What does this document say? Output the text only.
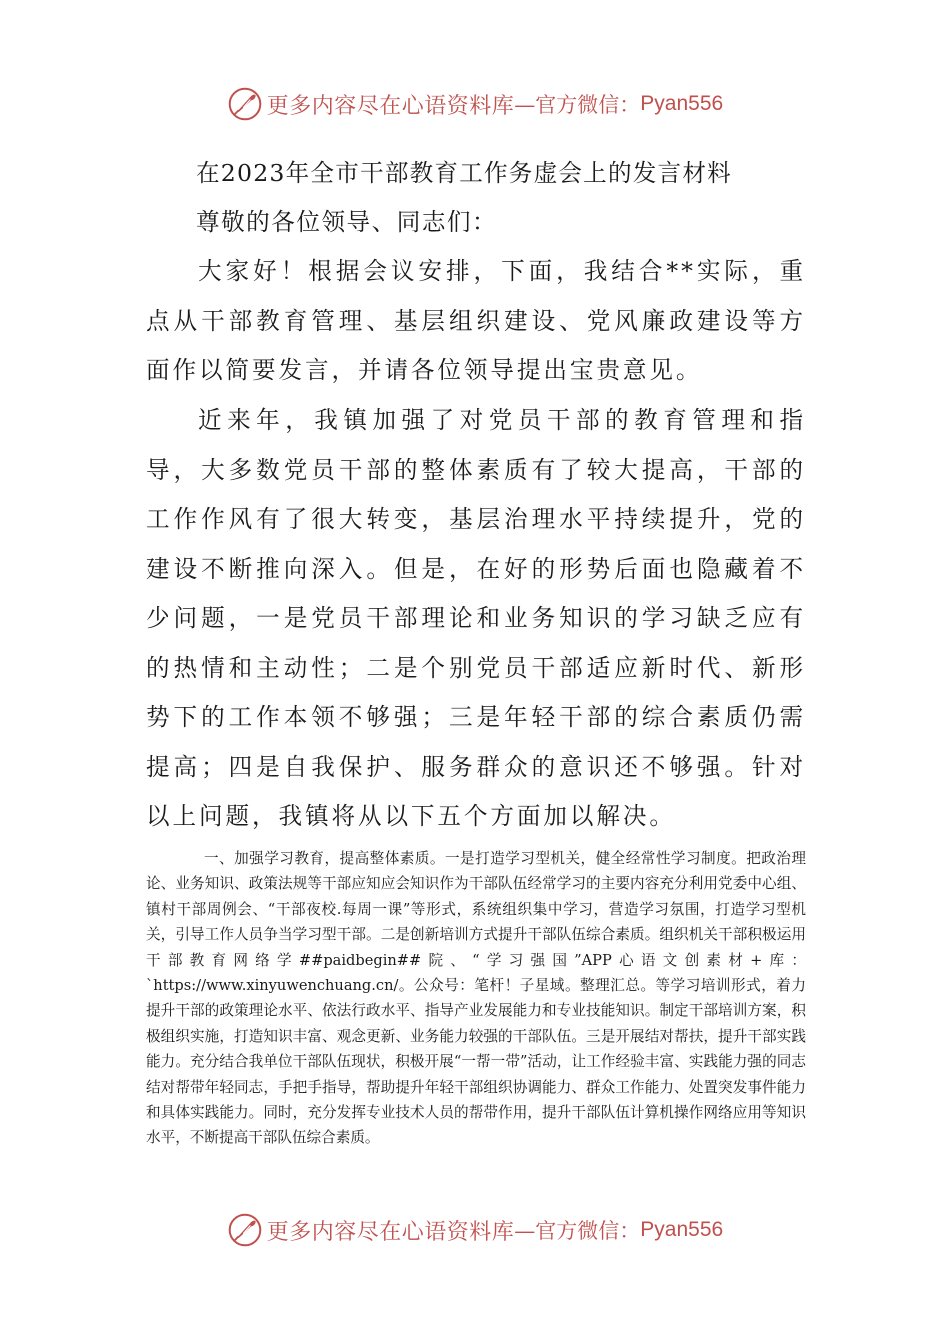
更多内容尽在心语资料库 —官方微信： Pyan556
在2023年全市干部教育工作务虚会上的发言材料
尊敬的各位领导、同志们：
大家好！根据会议安排，下面，我结合**实际，重点从干部教育管理、基层组织建设、党风廉政建设等方面作以简要发言，并请各位领导提出宝贵意见。
近来年，我镇加强了对党员干部的教育管理和指导，大多数党员干部的整体素质有了较大提高，干部的工作作风有了很大转变，基层治理水平持续提升，党的建设不断推向深入。但是，在好的形势后面也隐藏着不少问题，一是党员干部理论和业务知识的学习缺乏应有的热情和主动性；二是个别党员干部适应新时代、新形势下的工作本领不够强；三是年轻干部的综合素质仍需提高；四是自我保护、服务群众的意识还不够强。针对以上问题，我镇将从以下五个方面加以解决。
一、加强学习教育，提高整体素质。一是打造学习型机关，健全经常性学习制度。把政治理论、业务知识、政策法规等干部应知应会知识作为干部队伍经常学习的主要内容充分利用党委中心组、镇村干部周例会、“干部夜校.每周一课”等形式，系统组织集中学习，营造学习氛围，打造学习型机关，引导工作人员争当学习型干部。二是创新培训方式提升干部队伍综合素质。组织机关干部积极运用干部教育网络学##paidbegin##院、“学习强国”APP心语文创素材+库：`https://www.xinyuwenchuang.cn/。公众号：笔杆！子星域。整理汇总。等学习培训形式，着力提升干部的政策理论水平、依法行政水平、指导产业发展能力和专业技能知识。制定干部培训方案，积极组织实施，打造知识丰富、观念更新、业务能力较强的干部队伍。三是开展结对帮扶，提升干部实践能力。充分结合我单位干部队伍现状，积极开展“一帮一带”活动，让工作经验丰富、实践能力强的同志结对帮带年轻同志，手把手指导，帮助提升年轻干部组织协调能力、群众工作能力、处置突发事件能力和具体实践能力。同时，充分发挥专业技术人员的帮带作用，提升干部队伍计算机操作网络应用等知识水平，不断提高干部队伍综合素质。
更多内容尽在心语资料库 —官方微信： Pyan556
